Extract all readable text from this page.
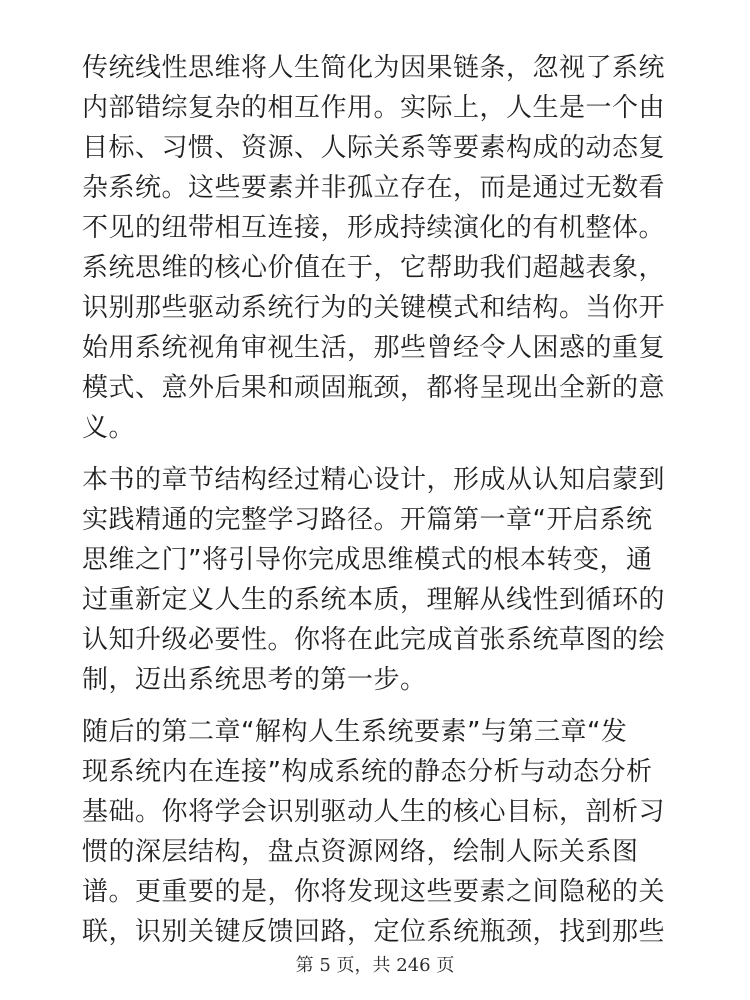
传统线性思维将人生简化为因果链条，忽视了系统
内部错综复杂的相互作用。实际上，人生是一个由
目标、习惯、资源、人际关系等要素构成的动态复
杂系统。这些要素并非孤立存在，而是通过无数看
不见的纽带相互连接，形成持续演化的有机整体。
系统思维的核心价值在于，它帮助我们超越表象，
识别那些驱动系统行为的关键模式和结构。当你开
始用系统视角审视生活，那些曾经令人困惑的重复
模式、意外后果和顽固瓶颈，都将呈现出全新的意
义。
本书的章节结构经过精心设计，形成从认知启蒙到
实践精通的完整学习路径。开篇第一章“开启系统
思维之门”将引导你完成思维模式的根本转变，通
过重新定义人生的系统本质，理解从线性到循环的
认知升级必要性。你将在此完成首张系统草图的绘
制，迈出系统思考的第一步。
随后的第二章“解构人生系统要素”与第三章“发
现系统内在连接”构成系统的静态分析与动态分析
基础。你将学会识别驱动人生的核心目标，剖析习
惯的深层结构，盘点资源网络，绘制人际关系图
谱。更重要的是，你将发现这些要素之间隐秘的关
联，识别关键反馈回路，定位系统瓶颈，找到那些
第 5 页，共 246 页
